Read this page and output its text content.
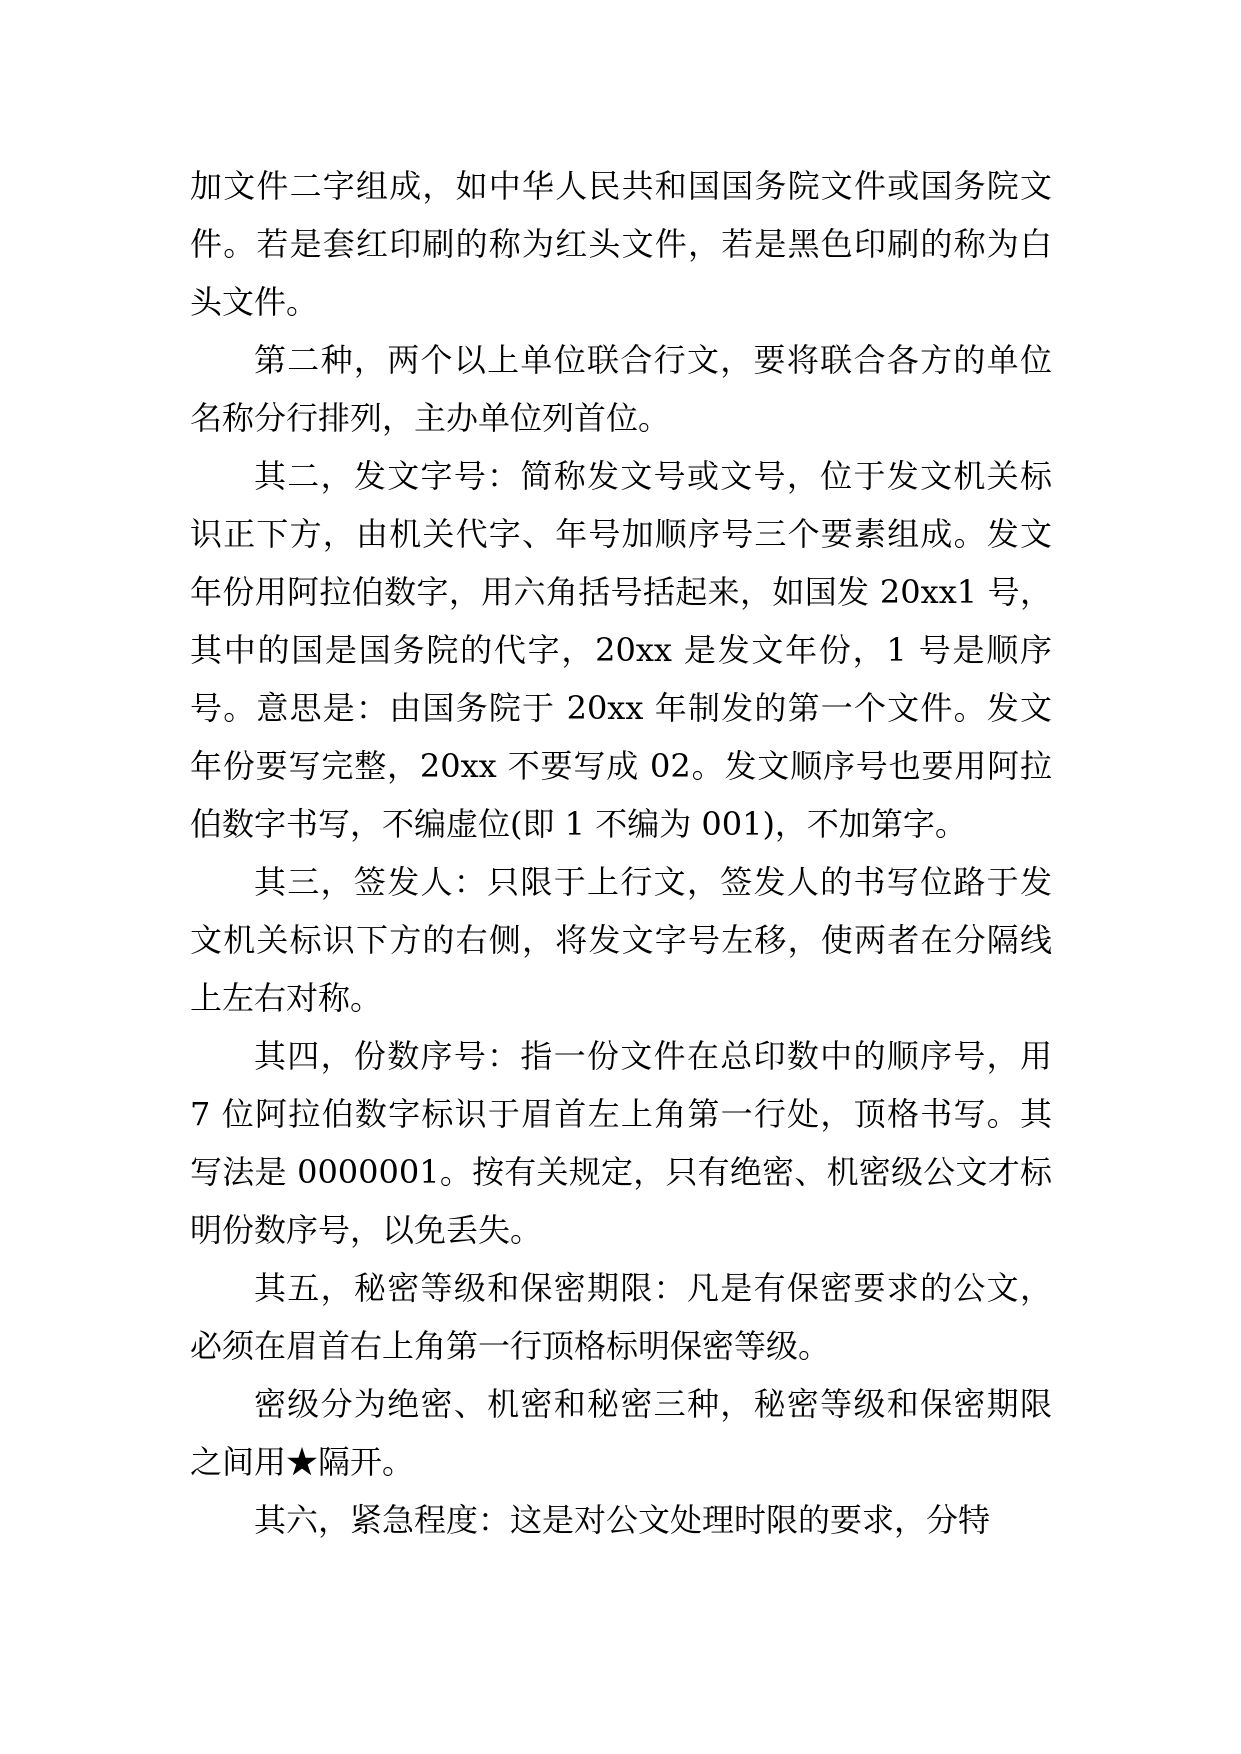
加文件二字组成，如中华人民共和国国务院文件或国务院文件。若是套红印刷的称为红头文件，若是黑色印刷的称为白头文件。

第二种，两个以上单位联合行文，要将联合各方的单位名称分行排列，主办单位列首位。

其二，发文字号：简称发文号或文号，位于发文机关标识正下方，由机关代字、年号加顺序号三个要素组成。发文年份用阿拉伯数字，用六角括号括起来，如国发 20xx1 号，其中的国是国务院的代字，20xx 是发文年份，1 号是顺序号。意思是：由国务院于 20xx 年制发的第一个文件。发文年份要写完整，20xx 不要写成 02。发文顺序号也要用阿拉伯数字书写，不编虚位(即 1 不编为 001)，不加第字。

其三，签发人：只限于上行文，签发人的书写位路于发文机关标识下方的右侧，将发文字号左移，使两者在分隔线上左右对称。

其四，份数序号：指一份文件在总印数中的顺序号，用 7 位阿拉伯数字标识于眉首左上角第一行处，顶格书写。其写法是 0000001。按有关规定，只有绝密、机密级公文才标明份数序号，以免丢失。

其五，秘密等级和保密期限：凡是有保密要求的公文，必须在眉首右上角第一行顶格标明保密等级。

密级分为绝密、机密和秘密三种，秘密等级和保密期限之间用★隔开。

其六，紧急程度：这是对公文处理时限的要求，分特
